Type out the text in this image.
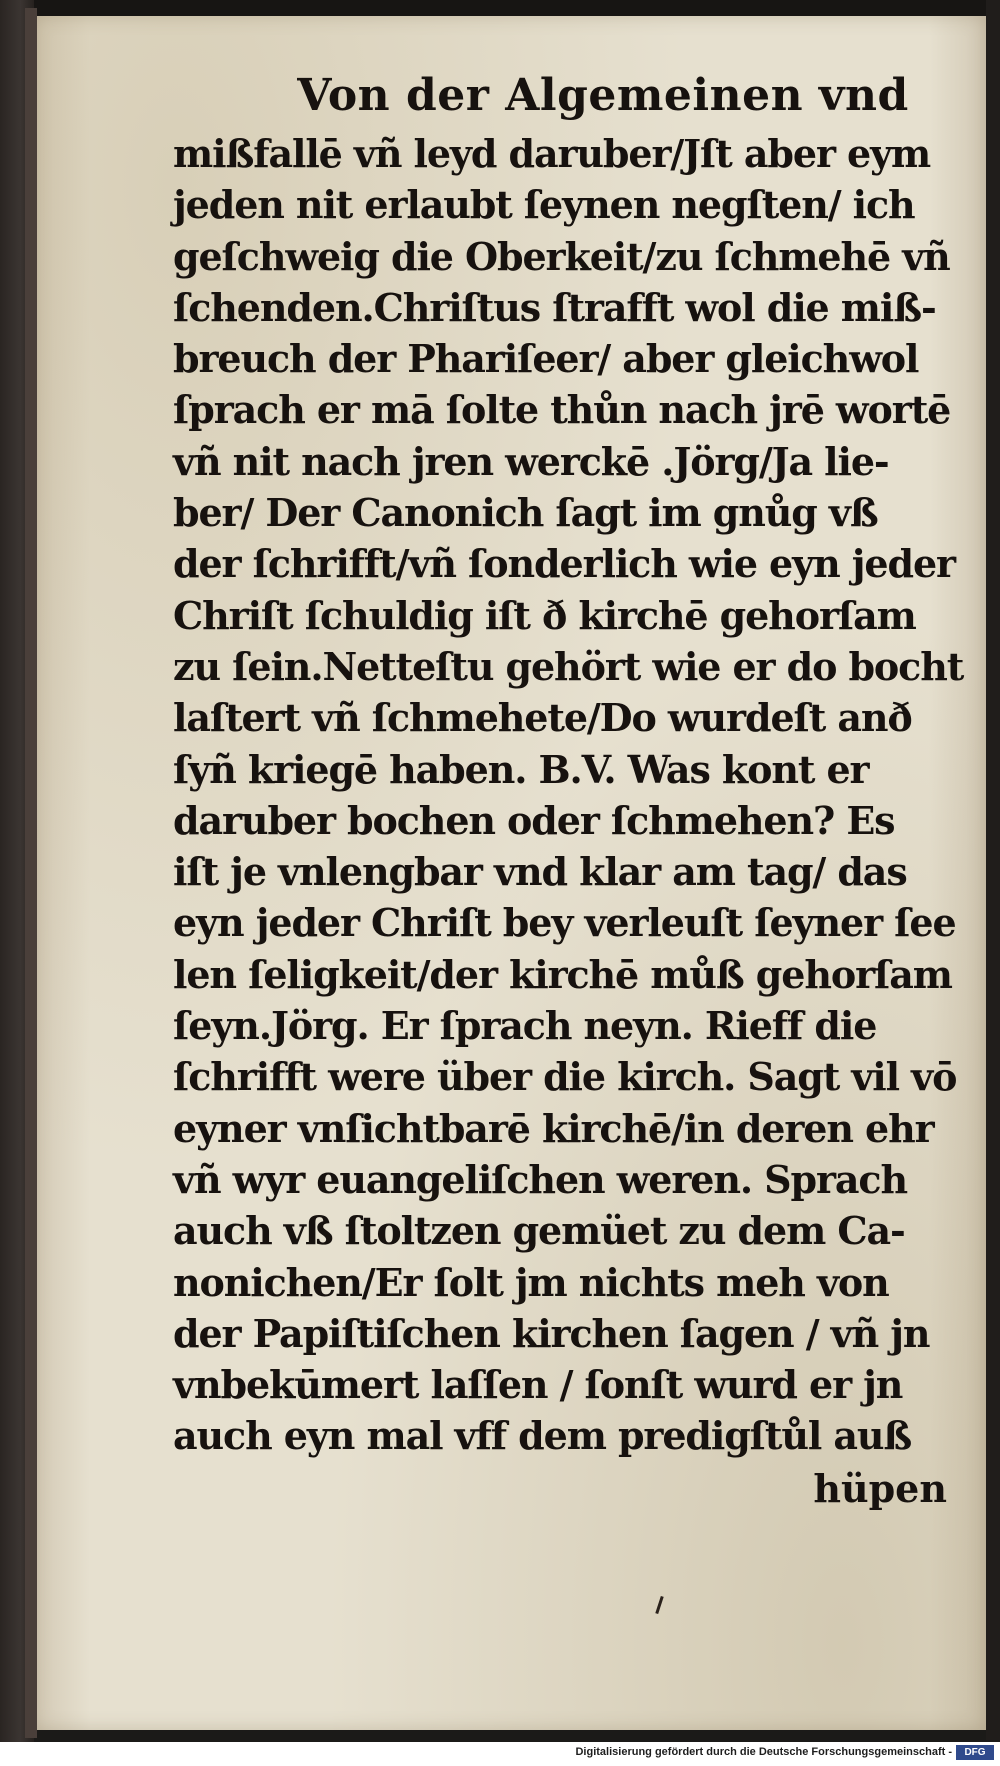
Von der Algemeinen vnd
mißfallē vñ leyd daruber/Jſt aber eym
jeden nit erlaubt ſeynen negſten/ ich
geſchweig die Oberkeit/zu ſchmehē vñ
ſchenden.Chriſtus ſtrafft wol die miß-
breuch der Phariſeer/ aber gleichwol
ſprach er mā ſolte thůn nach jrē wortē
vñ nit nach jren werckē .Jörg/Ja lie-
ber/ Der Canonich ſagt im gnůg vß
der ſchrifft/vñ ſonderlich wie eyn jeder
Chriſt ſchuldig iſt ð kirchē gehorſam
zu ſein.Netteſtu gehört wie er do bocht
laſtert vñ ſchmehete/Do wurdeſt anð
ſyñ kriegē haben. B.V. Was kont er
daruber bochen oder ſchmehen? Es
iſt je vnlengbar vnd klar am tag/ das
eyn jeder Chriſt bey verleuſt ſeyner ſee
len ſeligkeit/der kirchē můß gehorſam
ſeyn.Jörg. Er ſprach neyn. Rieff die
ſchrifft were über die kirch. Sagt vil vō
eyner vnſichtbarē kirchē/in deren ehr
vñ wyr euangeliſchen weren. Sprach
auch vß ſtoltzen gemüet zu dem Ca-
nonichen/Er ſolt jm nichts meh von
der Papiſtiſchen kirchen ſagen / vñ jn
vnbekūmert laſſen / ſonſt wurd er jn
auch eyn mal vff dem predigſtůl auß
hüpen
Digitalisierung gefördert durch die Deutsche Forschungsgemeinschaft -	DFG
